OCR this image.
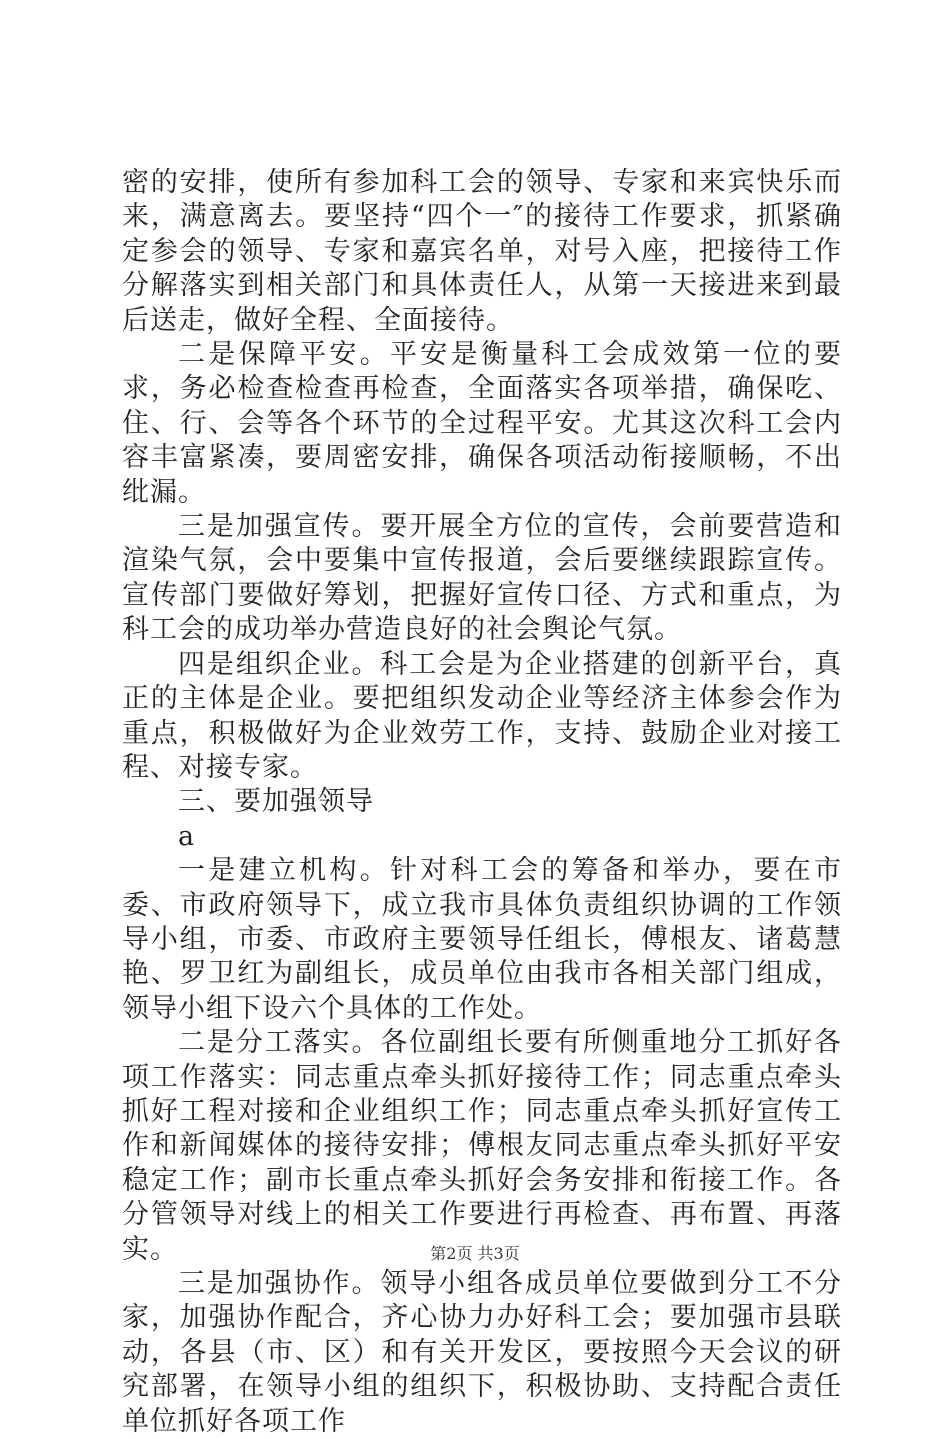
密的安排，使所有参加科工会的领导、专家和来宾快乐而来，满意离去。要坚持“四个一″的接待工作要求，抓紧确定参会的领导、专家和嘉宾名单，对号入座，把接待工作分解落实到相关部门和具体责任人，从第一天接进来到最后送走，做好全程、全面接待。

二是保障平安。平安是衡量科工会成效第一位的要求，务必检查检查再检查，全面落实各项举措，确保吃、住、行、会等各个环节的全过程平安。尤其这次科工会内容丰富紧凑，要周密安排，确保各项活动衔接顺畅，不出纰漏。

三是加强宣传。要开展全方位的宣传，会前要营造和渲染气氛，会中要集中宣传报道，会后要继续跟踪宣传。宣传部门要做好筹划，把握好宣传口径、方式和重点，为科工会的成功举办营造良好的社会舆论气氛。

四是组织企业。科工会是为企业搭建的创新平台，真正的主体是企业。要把组织发动企业等经济主体参会作为重点，积极做好为企业效劳工作，支持、鼓励企业对接工程、对接专家。

三、要加强领导

a

一是建立机构。针对科工会的筹备和举办，要在市委、市政府领导下，成立我市具体负责组织协调的工作领导小组，市委、市政府主要领导任组长，傅根友、诸葛慧艳、罗卫红为副组长，成员单位由我市各相关部门组成，领导小组下设六个具体的工作处。

二是分工落实。各位副组长要有所侧重地分工抓好各项工作落实：同志重点牵头抓好接待工作；同志重点牵头抓好工程对接和企业组织工作；同志重点牵头抓好宣传工作和新闻媒体的接待安排；傅根友同志重点牵头抓好平安稳定工作；副市长重点牵头抓好会务安排和衔接工作。各分管领导对线上的相关工作要进行再检查、再布置、再落实。

三是加强协作。领导小组各成员单位要做到分工不分家，加强协作配合，齐心协力办好科工会；要加强市县联动，各县（市、区）和有关开发区，要按照今天会议的研究部署，在领导小组的组织下，积极协助、支持配合责任单位抓好各项工作

第2页 共3页
